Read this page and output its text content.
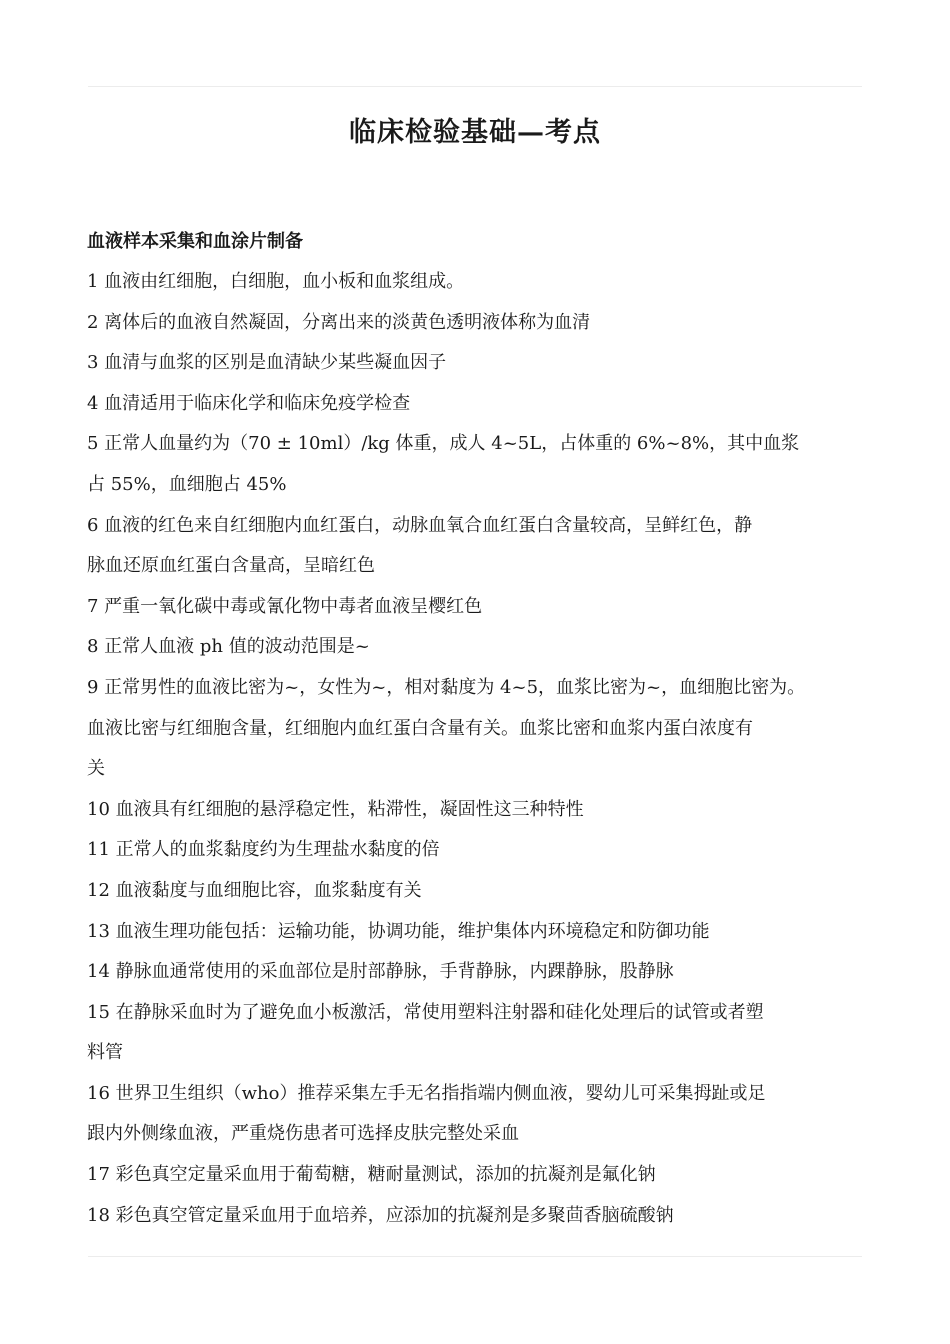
临床检验基础—考点
血液样本采集和血涂片制备
1 血液由红细胞，白细胞，血小板和血浆组成。
2 离体后的血液自然凝固，分离出来的淡黄色透明液体称为血清
3 血清与血浆的区别是血清缺少某些凝血因子
4 血清适用于临床化学和临床免疫学检查
5 正常人血量约为（70 ± 10ml）/kg 体重，成人 4~5L，占体重的 6%~8%，其中血浆
占 55%，血细胞占 45%
6 血液的红色来自红细胞内血红蛋白，动脉血氧合血红蛋白含量较高，呈鲜红色，静
脉血还原血红蛋白含量高，呈暗红色
7 严重一氧化碳中毒或氰化物中毒者血液呈樱红色
8 正常人血液 ph 值的波动范围是~
9 正常男性的血液比密为~，女性为~，相对黏度为 4~5，血浆比密为~，血细胞比密为。
血液比密与红细胞含量，红细胞内血红蛋白含量有关。血浆比密和血浆内蛋白浓度有
关
10 血液具有红细胞的悬浮稳定性，粘滞性，凝固性这三种特性
11 正常人的血浆黏度约为生理盐水黏度的倍
12 血液黏度与血细胞比容，血浆黏度有关
13 血液生理功能包括：运输功能，协调功能，维护集体内环境稳定和防御功能
14 静脉血通常使用的采血部位是肘部静脉，手背静脉，内踝静脉，股静脉
15 在静脉采血时为了避免血小板激活，常使用塑料注射器和硅化处理后的试管或者塑
料管
16 世界卫生组织（who）推荐采集左手无名指指端内侧血液，婴幼儿可采集拇趾或足
跟内外侧缘血液，严重烧伤患者可选择皮肤完整处采血
17 彩色真空定量采血用于葡萄糖，糖耐量测试，添加的抗凝剂是氟化钠
18 彩色真空管定量采血用于血培养，应添加的抗凝剂是多聚茴香脑硫酸钠
